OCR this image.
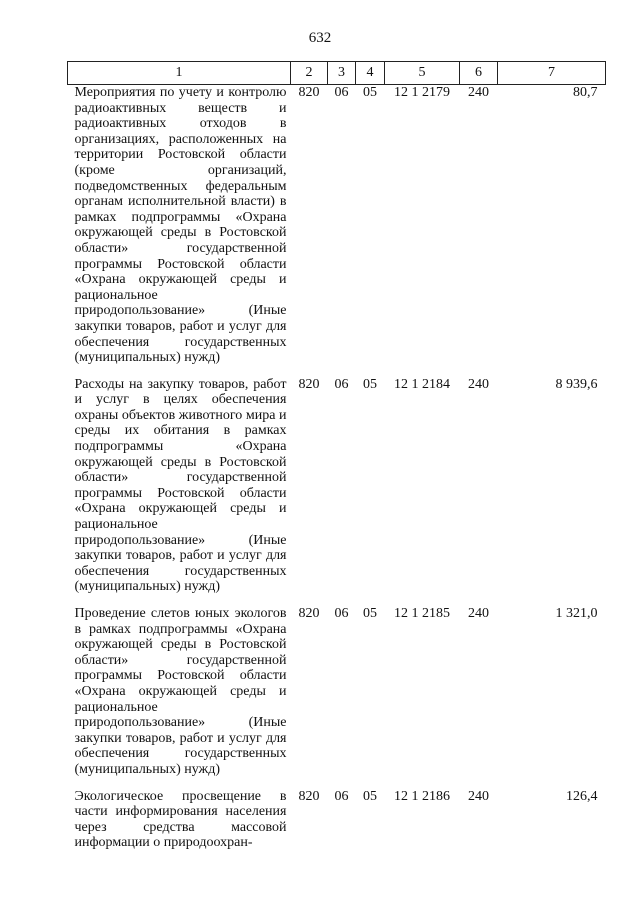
632
1	2	3	4	5	6	7
Мероприятия по учету и контролю радиоактивных веществ и радиоактивных отходов в организациях, расположенных на территории Ростовской области (кроме организаций, подведомственных федеральным органам исполнительной власти) в рамках подпрограммы «Охрана окружающей среды в Ростовской области» государственной программы Ростовской области «Охрана окружающей среды и рациональное природопользование» (Иные закупки товаров, работ и услуг для обеспечения государственных (муниципальных) нужд)	820	06	05	12 1 2179	240	80,7
Расходы на закупку товаров, работ и услуг в целях обеспечения охраны объектов животного мира и среды их обитания в рамках подпрограммы «Охрана окружающей среды в Ростовской области» государственной программы Ростовской области «Охрана окружающей среды и рациональное природопользование» (Иные закупки товаров, работ и услуг для обеспечения государственных (муниципальных) нужд)	820	06	05	12 1 2184	240	8 939,6
Проведение слетов юных экологов в рамках подпрограммы «Охрана окружающей среды в Ростовской области» государственной программы Ростовской области «Охрана окружающей среды и рациональное природопользование» (Иные закупки товаров, работ и услуг для обеспечения государственных (муниципальных) нужд)	820	06	05	12 1 2185	240	1 321,0
Экологическое просвещение в части информирования населения через средства массовой информации о природоохран-	820	06	05	12 1 2186	240	126,4
